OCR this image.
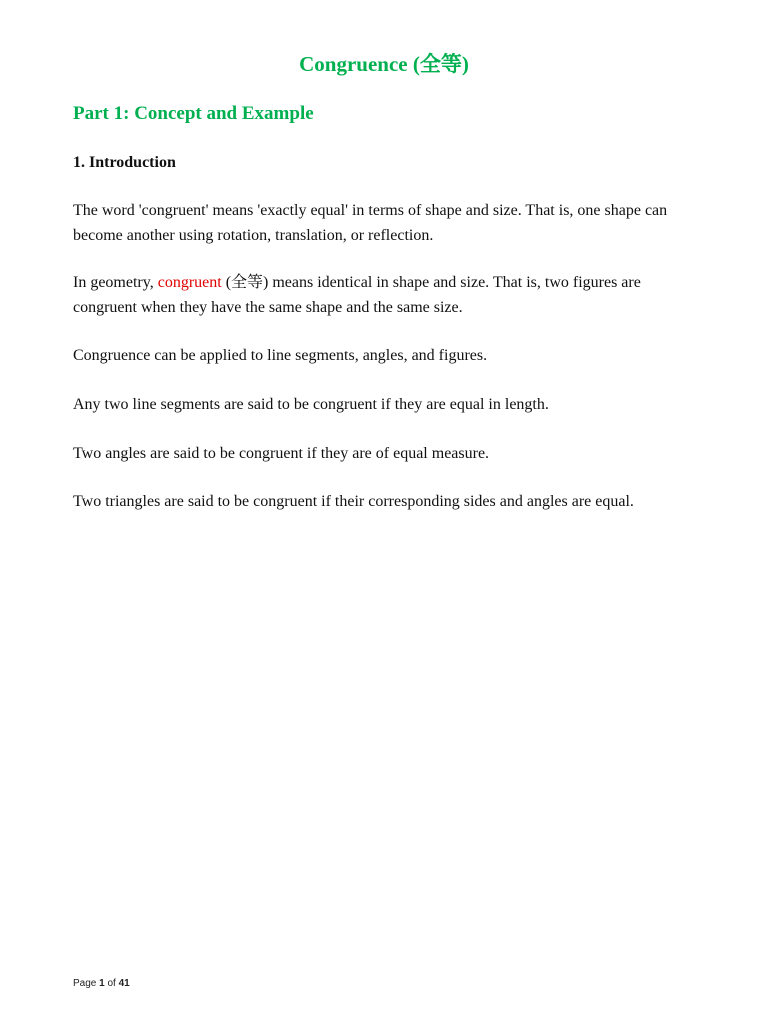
Congruence (全等)
Part 1: Concept and Example
1. Introduction

The word 'congruent' means 'exactly equal' in terms of shape and size. That is, one shape can become another using rotation, translation, or reflection.

In geometry, congruent (全等) means identical in shape and size. That is, two figures are congruent when they have the same shape and the same size.

Congruence can be applied to line segments, angles, and figures.

Any two line segments are said to be congruent if they are equal in length.

Two angles are said to be congruent if they are of equal measure.

Two triangles are said to be congruent if their corresponding sides and angles are equal.

Page 1 of 41
